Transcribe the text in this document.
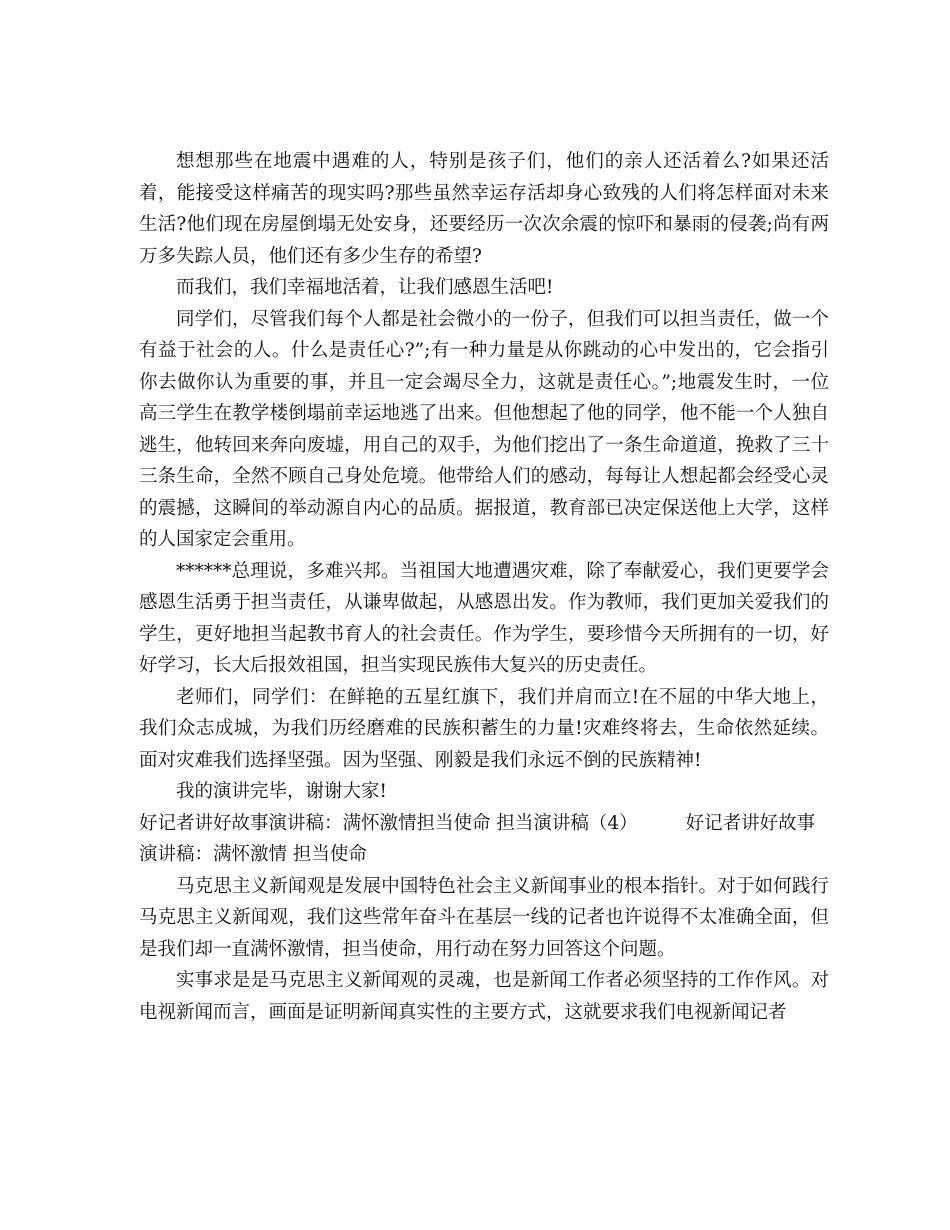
想想那些在地震中遇难的人，特别是孩子们，他们的亲人还活着么?如果还活着，能接受这样痛苦的现实吗?那些虽然幸运存活却身心致残的人们将怎样面对未来生活?他们现在房屋倒塌无处安身，还要经历一次次余震的惊吓和暴雨的侵袭;尚有两万多失踪人员，他们还有多少生存的希望?

而我们，我们幸福地活着，让我们感恩生活吧!

同学们，尽管我们每个人都是社会微小的一份子，但我们可以担当责任，做一个有益于社会的人。什么是责任心?”;有一种力量是从你跳动的心中发出的，它会指引你去做你认为重要的事，并且一定会竭尽全力，这就是责任心。”;地震发生时，一位高三学生在教学楼倒塌前幸运地逃了出来。但他想起了他的同学，他不能一个人独自逃生，他转回来奔向废墟，用自己的双手，为他们挖出了一条生命道道，挽救了三十三条生命，全然不顾自己身处危境。他带给人们的感动，每每让人想起都会经受心灵的震撼，这瞬间的举动源自内心的品质。据报道，教育部已决定保送他上大学，这样的人国家定会重用。

******总理说，多难兴邦。当祖国大地遭遇灾难，除了奉献爱心，我们更要学会感恩生活勇于担当责任，从谦卑做起，从感恩出发。作为教师，我们更加关爱我们的学生，更好地担当起教书育人的社会责任。作为学生，要珍惜今天所拥有的一切，好好学习，长大后报效祖国，担当实现民族伟大复兴的历史责任。

老师们，同学们：在鲜艳的五星红旗下，我们并肩而立!在不屈的中华大地上，我们众志成城，为我们历经磨难的民族积蓄生的力量!灾难终将去，生命依然延续。面对灾难我们选择坚强。因为坚强、刚毅是我们永远不倒的民族精神!

我的演讲完毕，谢谢大家!

好记者讲好故事演讲稿：满怀激情担当使命 担当演讲稿（4）	好记者讲好故事演讲稿：满怀激情 担当使命

马克思主义新闻观是发展中国特色社会主义新闻事业的根本指针。对于如何践行马克思主义新闻观，我们这些常年奋斗在基层一线的记者也许说得不太准确全面，但是我们却一直满怀激情，担当使命，用行动在努力回答这个问题。

实事求是是马克思主义新闻观的灵魂，也是新闻工作者必须坚持的工作作风。对电视新闻而言，画面是证明新闻真实性的主要方式，这就要求我们电视新闻记者
